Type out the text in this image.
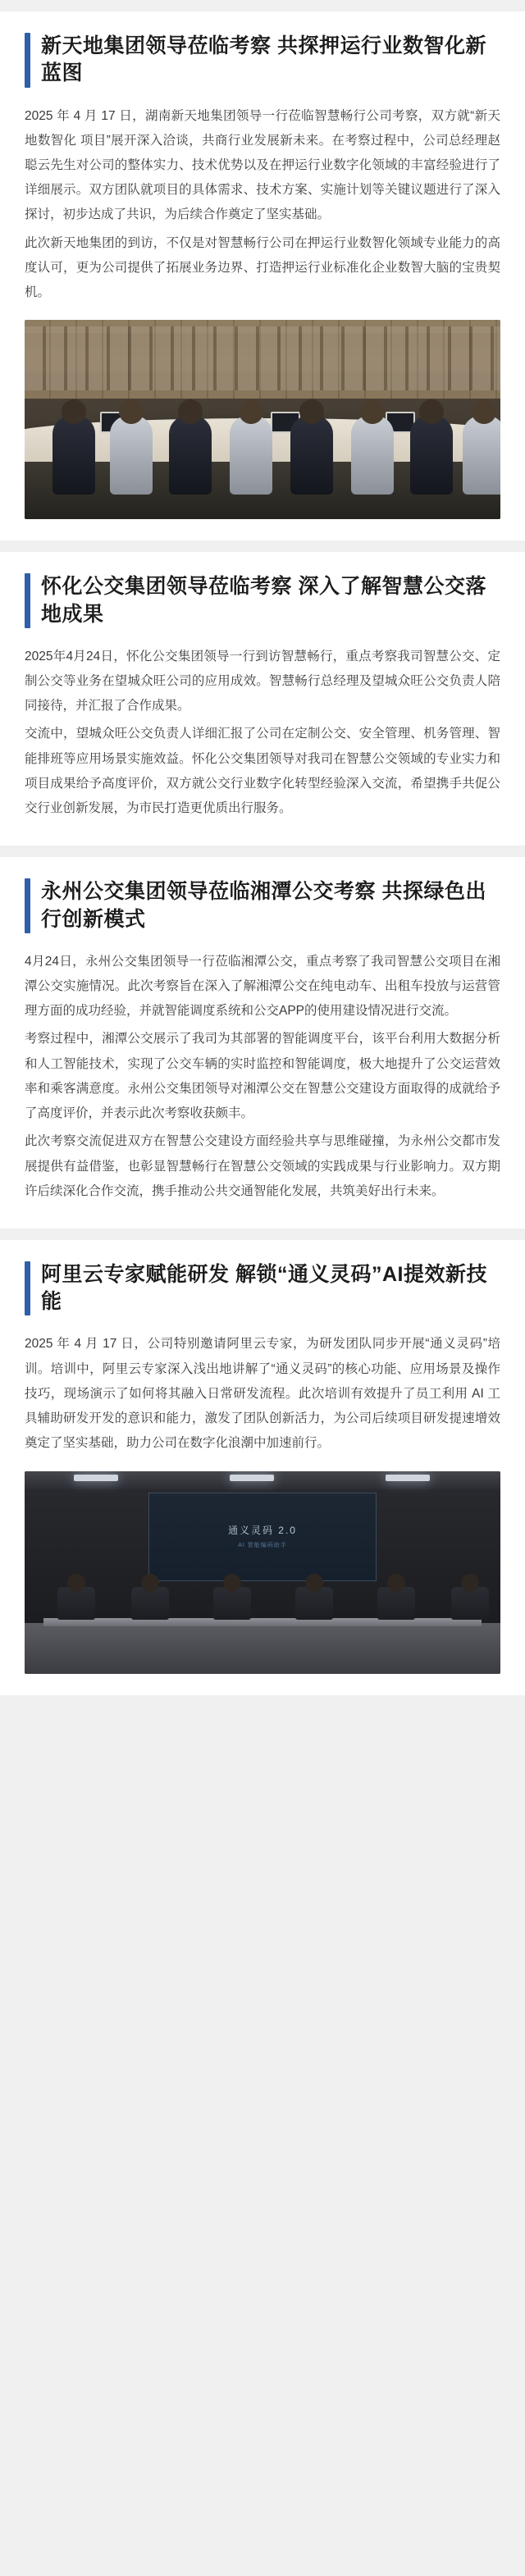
新天地集团领导莅临考察 共探押运行业数智化新蓝图

2025 年 4 月 17 日，湖南新天地集团领导一行莅临智慧畅行公司考察，双方就“新天地数智化 项目”展开深入洽谈，共商行业发展新未来。在考察过程中，公司总经理赵聪云先生对公司的整体实力、技术优势以及在押运行业数字化领域的丰富经验进行了详细展示。双方团队就项目的具体需求、技术方案、实施计划等关键议题进行了深入探讨，初步达成了共识，为后续合作奠定了坚实基础。

此次新天地集团的到访，不仅是对智慧畅行公司在押运行业数智化领域专业能力的高度认可，更为公司提供了拓展业务边界、打造押运行业标准化企业数智大脑的宝贵契机。

怀化公交集团领导莅临考察 深入了解智慧公交落地成果

2025年4月24日，怀化公交集团领导一行到访智慧畅行，重点考察我司智慧公交、定制公交等业务在望城众旺公司的应用成效。智慧畅行总经理及望城众旺公交负责人陪同接待，并汇报了合作成果。

交流中，望城众旺公交负责人详细汇报了公司在定制公交、安全管理、机务管理、智能排班等应用场景实施效益。怀化公交集团领导对我司在智慧公交领域的专业实力和项目成果给予高度评价，双方就公交行业数字化转型经验深入交流，希望携手共促公交行业创新发展，为市民打造更优质出行服务。

永州公交集团领导莅临湘潭公交考察 共探绿色出行创新模式

4月24日，永州公交集团领导一行莅临湘潭公交，重点考察了我司智慧公交项目在湘潭公交实施情况。此次考察旨在深入了解湘潭公交在纯电动车、出租车投放与运营管理方面的成功经验，并就智能调度系统和公交APP的使用建设情况进行交流。

考察过程中，湘潭公交展示了我司为其部署的智能调度平台，该平台利用大数据分析和人工智能技术，实现了公交车辆的实时监控和智能调度，极大地提升了公交运营效率和乘客满意度。永州公交集团领导对湘潭公交在智慧公交建设方面取得的成就给予了高度评价，并表示此次考察收获颇丰。

此次考察交流促进双方在智慧公交建设方面经验共享与思维碰撞，为永州公交都市发展提供有益借鉴，也彰显智慧畅行在智慧公交领域的实践成果与行业影响力。双方期许后续深化合作交流，携手推动公共交通智能化发展，共筑美好出行未来。

阿里云专家赋能研发 解锁“通义灵码”AI提效新技能

2025 年 4 月 17 日，公司特别邀请阿里云专家，为研发团队同步开展“通义灵码”培训。培训中，阿里云专家深入浅出地讲解了“通义灵码”的核心功能、应用场景及操作技巧，现场演示了如何将其融入日常研发流程。此次培训有效提升了员工利用 AI 工具辅助研发开发的意识和能力，激发了团队创新活力，为公司后续项目研发提速增效奠定了坚实基础，助力公司在数字化浪潮中加速前行。

通义灵码 2.0
AI 智能编码助手
